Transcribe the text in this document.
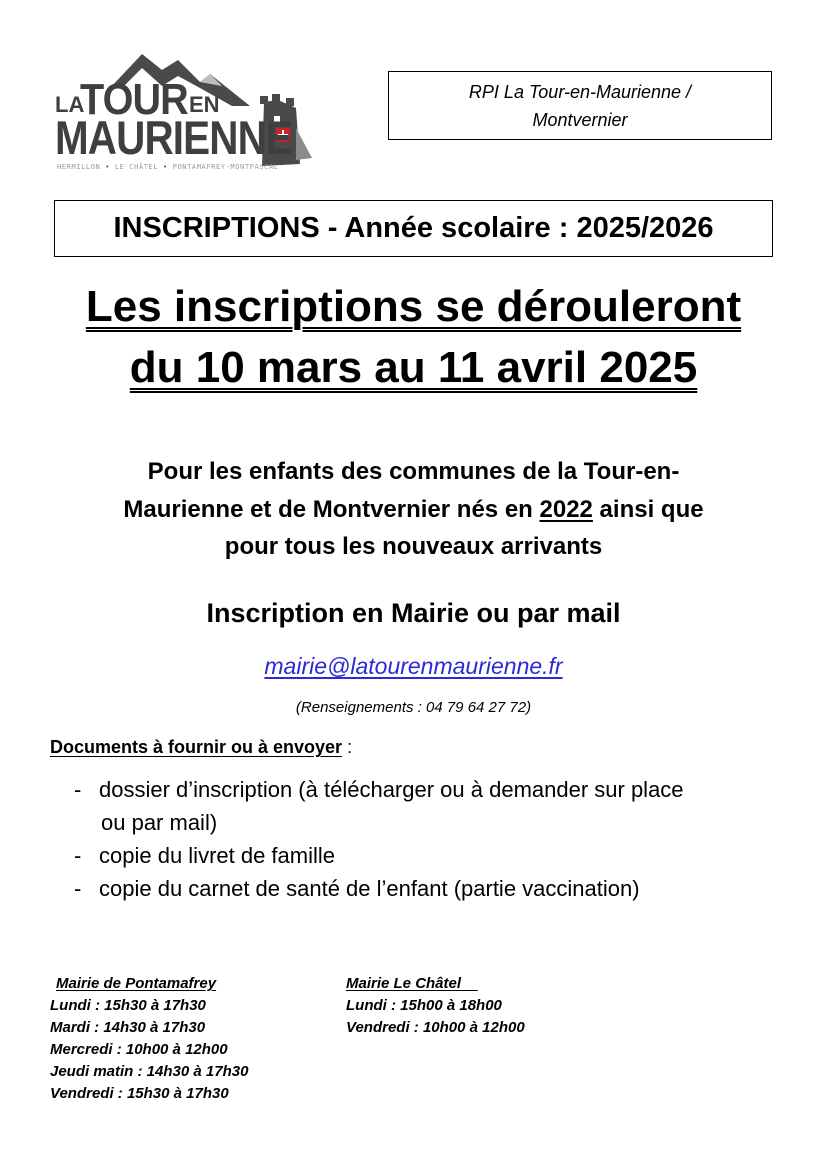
LA
TOUR EN
MAURIENNE
HERMILLON • LE CHÂTEL • PONTAMAFREY-MONTPASCAL
RPI La Tour-en-Maurienne /
Montvernier
INSCRIPTIONS - Année scolaire : 2025/2026
Les inscriptions se dérouleront
du 10 mars au 11 avril 2025
Pour les enfants des communes de la Tour-en-
Maurienne et de Montvernier nés en 2022 ainsi que
pour tous les nouveaux arrivants
Inscription en Mairie ou par mail
mairie@latourenmaurienne.fr
(Renseignements : 04 79 64 27 72)
Documents à fournir ou à envoyer :
- dossier d’inscription (à télécharger ou à demander sur place
ou par mail)
- copie du livret de famille
- copie du carnet de santé de l’enfant (partie vaccination)
Mairie de Pontamafrey
Lundi : 15h30 à 17h30
Mardi : 14h30 à 17h30
Mercredi : 10h00 à 12h00
Jeudi matin : 14h30 à 17h30
Vendredi : 15h30 à 17h30
Mairie Le Châtel
Lundi : 15h00 à 18h00
Vendredi : 10h00 à 12h00
